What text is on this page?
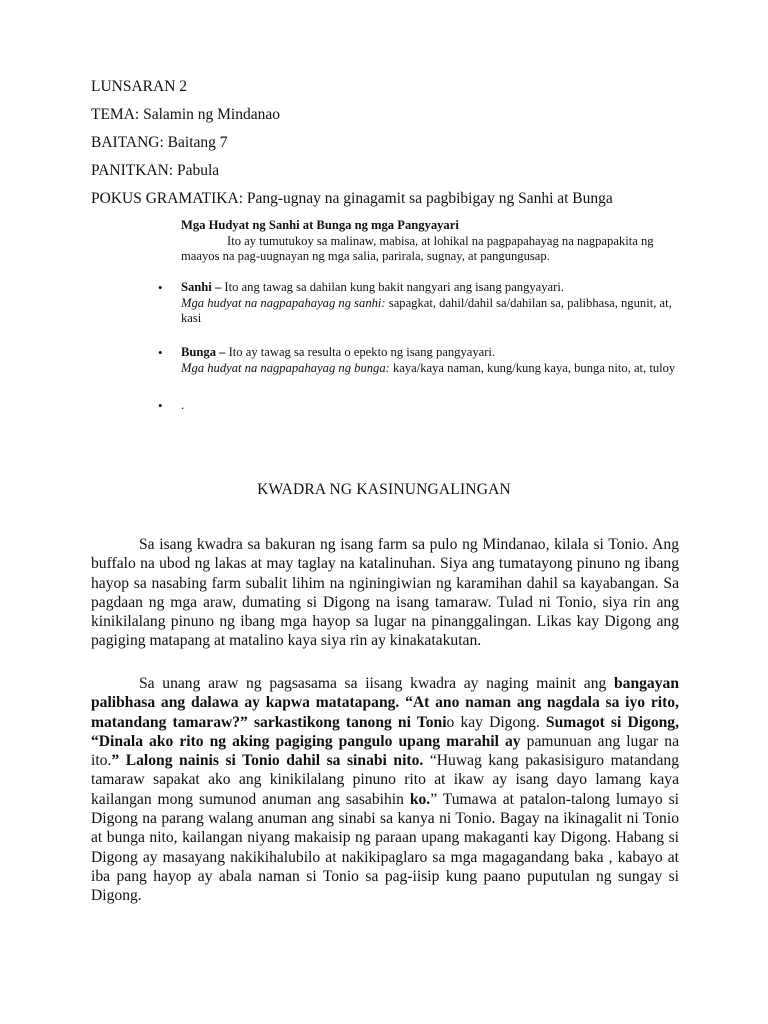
LUNSARAN 2
TEMA: Salamin ng Mindanao
BAITANG: Baitang 7
PANITKAN: Pabula
POKUS GRAMATIKA: Pang-ugnay na ginagamit sa pagbibigay ng Sanhi at Bunga
Mga Hudyat ng Sanhi at Bunga ng mga Pangyayari
Ito ay tumutukoy sa malinaw, mabisa, at lohikal na pagpapahayag na nagpapakita ng maayos na pag-uugnayan ng mga salia, parirala, sugnay, at pangungusap.
• Sanhi – Ito ang tawag sa dahilan kung bakit nangyari ang isang pangyayari.
Mga hudyat na nagpapahayag ng sanhi: sapagkat, dahil/dahil sa/dahilan sa, palibhasa, ngunit, at, kasi
• Bunga – Ito ay tawag sa resulta o epekto ng isang pangyayari.
Mga hudyat na nagpapahayag ng bunga: kaya/kaya naman, kung/kung kaya, bunga nito, at, tuloy
• .
KWADRA NG KASINUNGALINGAN
Sa isang kwadra sa bakuran ng isang farm sa pulo ng Mindanao, kilala si Tonio. Ang buffalo na ubod ng lakas at may taglay na katalinuhan. Siya ang tumatayong pinuno ng ibang hayop sa nasabing farm subalit lihim na nginingiwian ng karamihan dahil sa kayabangan. Sa pagdaan ng mga araw, dumating si Digong na isang tamaraw. Tulad ni Tonio, siya rin ang kinikilalang pinuno ng ibang mga hayop sa lugar na pinanggalingan. Likas kay Digong ang pagiging matapang at matalino kaya siya rin ay kinakatakutan.
Sa unang araw ng pagsasama sa iisang kwadra ay naging mainit ang bangayan palibhasa ang dalawa ay kapwa matatapang. “At ano naman ang nagdala sa iyo rito, matandang tamaraw?” sarkastikong tanong ni Tonio kay Digong. Sumagot si Digong, “Dinala ako rito ng aking pagiging pangulo upang marahil ay pamunuan ang lugar na ito.” Lalong nainis si Tonio dahil sa sinabi nito. “Huwag kang pakasisiguro matandang tamaraw sapakat ako ang kinikilalang pinuno rito at ikaw ay isang dayo lamang kaya kailangan mong sumunod anuman ang sasabihin ko.” Tumawa at patalon-talong lumayo si Digong na parang walang anuman ang sinabi sa kanya ni Tonio. Bagay na ikinagalit ni Tonio at bunga nito, kailangan niyang makaisip ng paraan upang makaganti kay Digong. Habang si Digong ay masayang nakikihalubilo at nakikipaglaro sa mga magagandang baka , kabayo at iba pang hayop ay abala naman si Tonio sa pag-iisip kung paano puputulan ng sungay si Digong.
